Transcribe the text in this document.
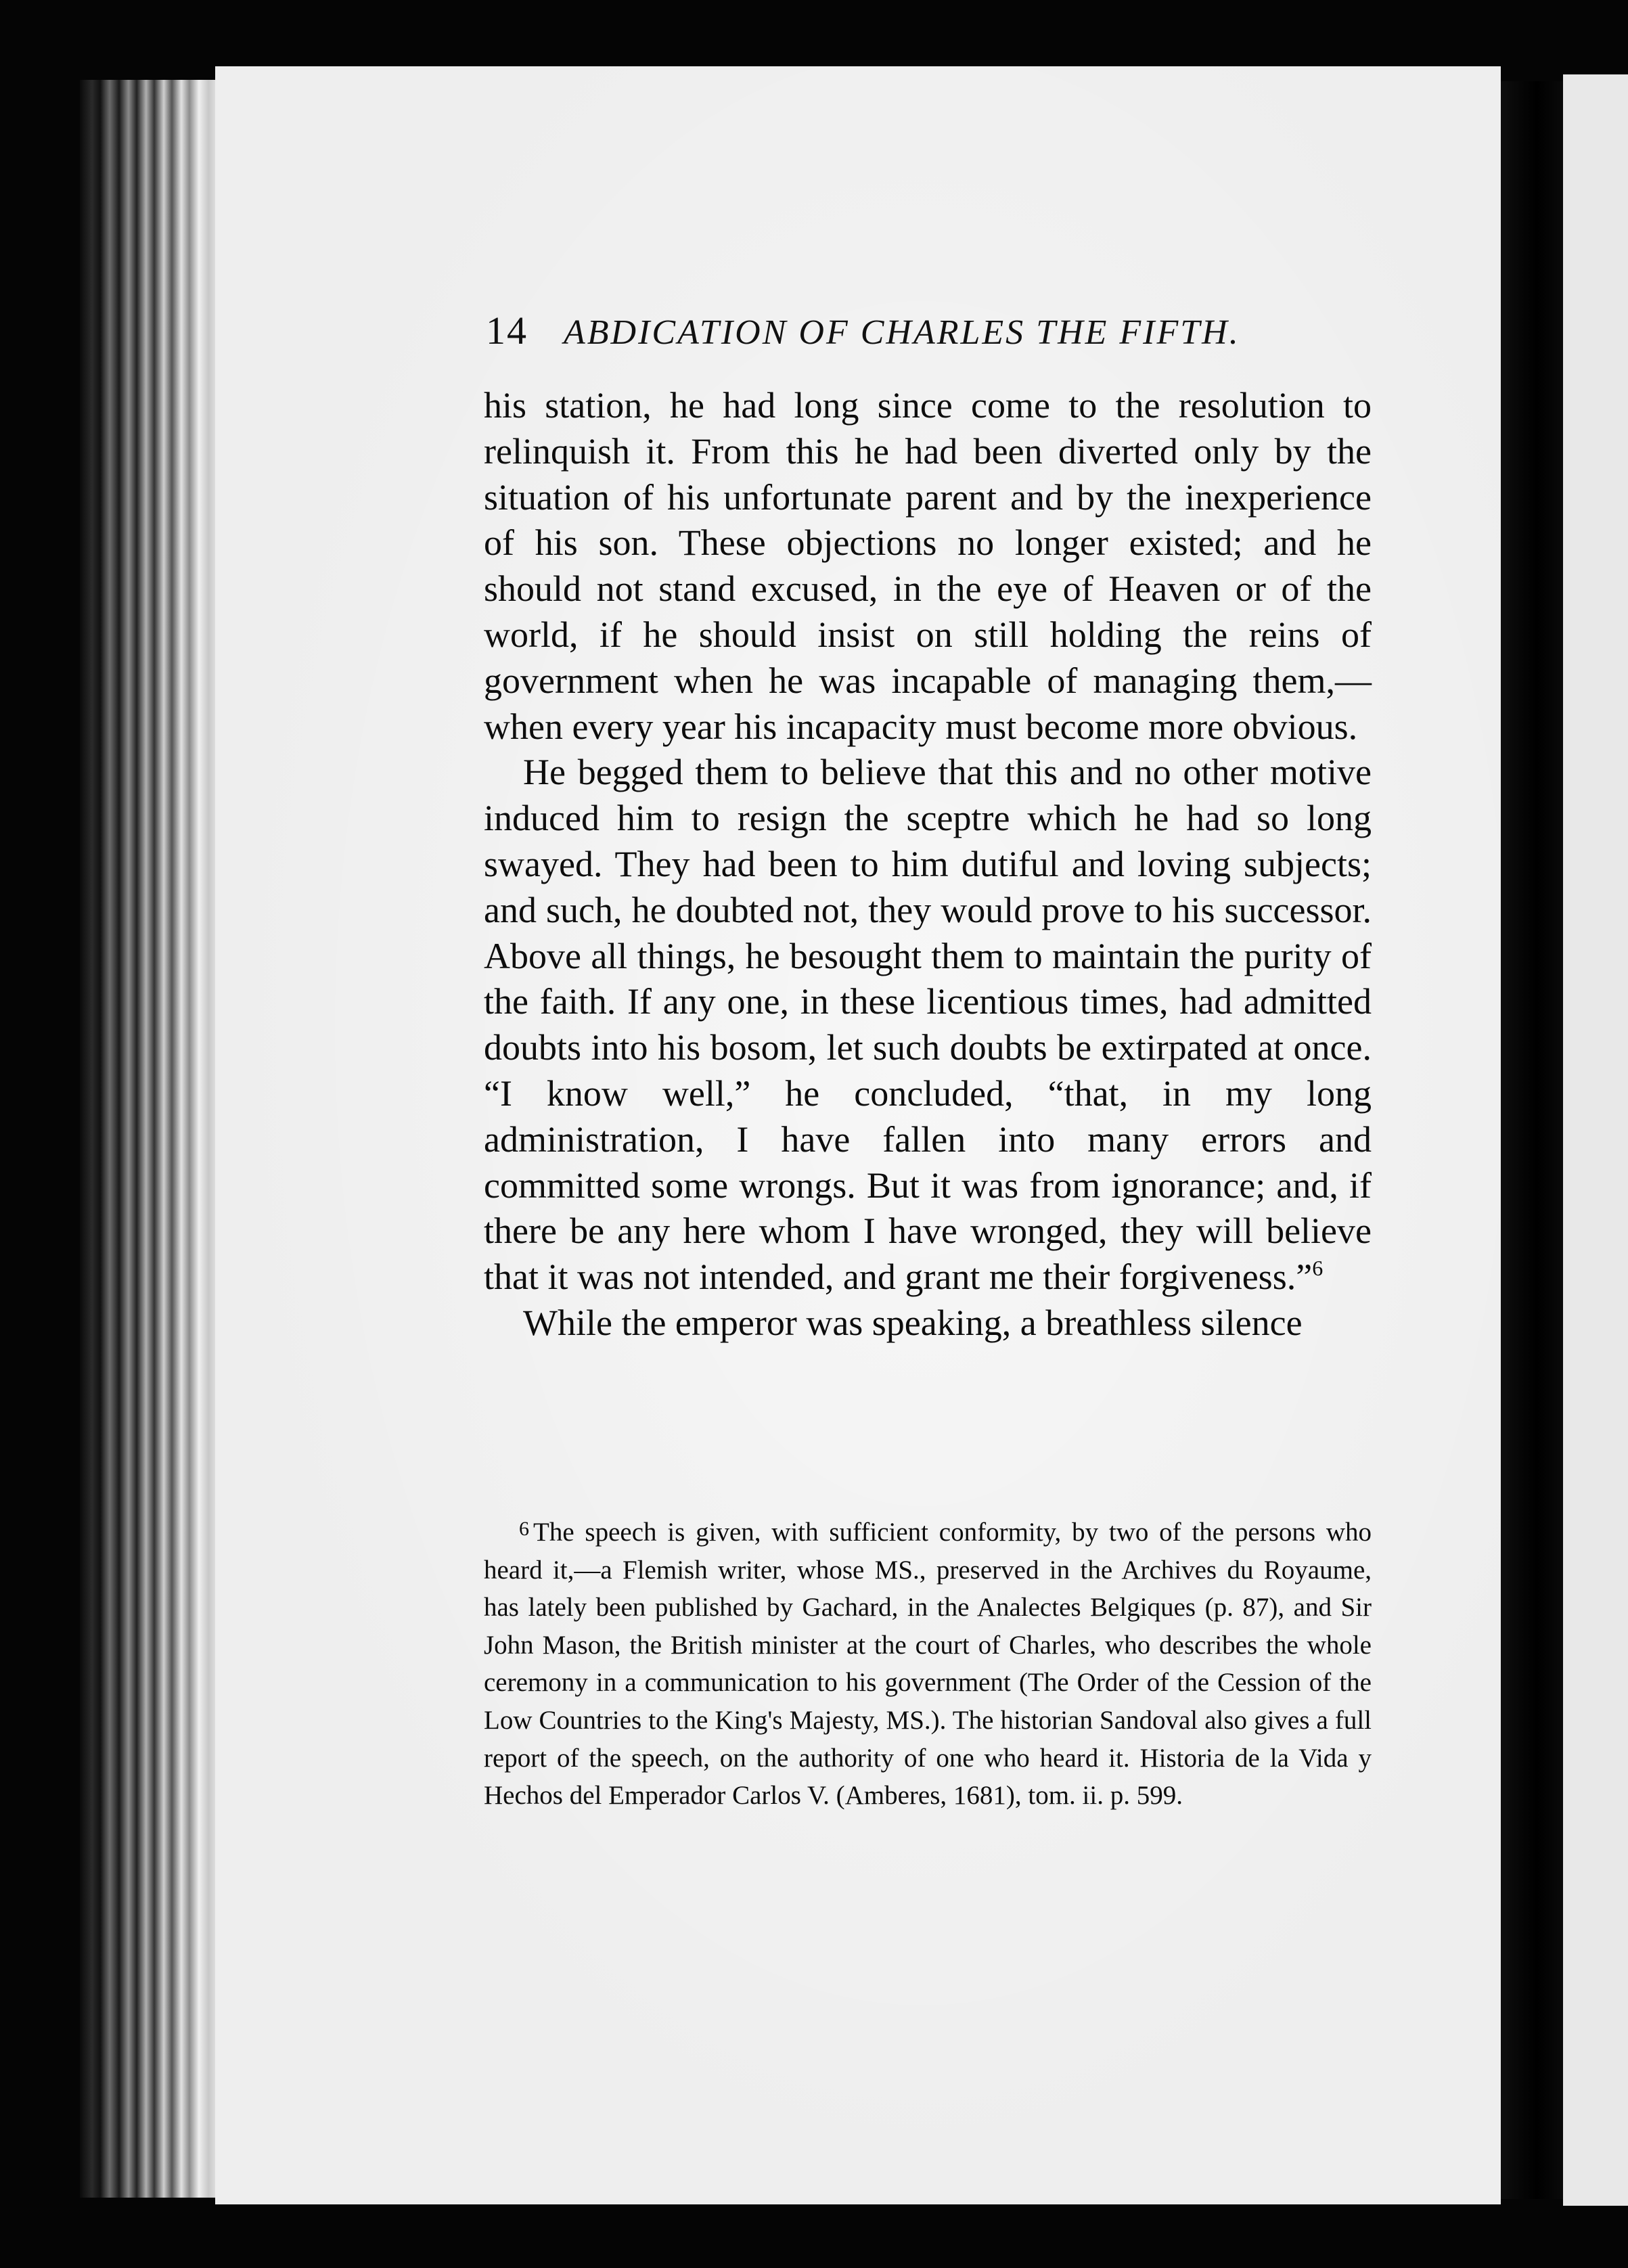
14 ABDICATION OF CHARLES THE FIFTH.

his station, he had long since come to the resolution to relinquish it. From this he had been diverted only by the situation of his unfortunate parent and by the inexperience of his son. These objections no longer existed; and he should not stand excused, in the eye of Heaven or of the world, if he should insist on still holding the reins of government when he was incapable of managing them,—when every year his incapacity must become more obvious.

He begged them to believe that this and no other motive induced him to resign the sceptre which he had so long swayed. They had been to him dutiful and loving subjects; and such, he doubted not, they would prove to his successor. Above all things, he besought them to maintain the purity of the faith. If any one, in these licentious times, had admitted doubts into his bosom, let such doubts be extirpated at once. “I know well,” he concluded, “that, in my long administration, I have fallen into many errors and committed some wrongs. But it was from ignorance; and, if there be any here whom I have wronged, they will believe that it was not intended, and grant me their forgiveness.”$^6$

While the emperor was speaking, a breathless silence

$^6$ The speech is given, with sufficient conformity, by two of the persons who heard it,—a Flemish writer, whose MS., preserved in the Archives du Royaume, has lately been published by Gachard, in the Analectes Belgiques (p. 87), and Sir John Mason, the British minister at the court of Charles, who describes the whole ceremony in a communication to his government (The Order of the Cession of the Low Countries to the King's Majesty, MS.). The historian Sandoval also gives a full report of the speech, on the authority of one who heard it. Historia de la Vida y Hechos del Emperador Carlos V. (Amberes, 1681), tom. ii. p. 599.
